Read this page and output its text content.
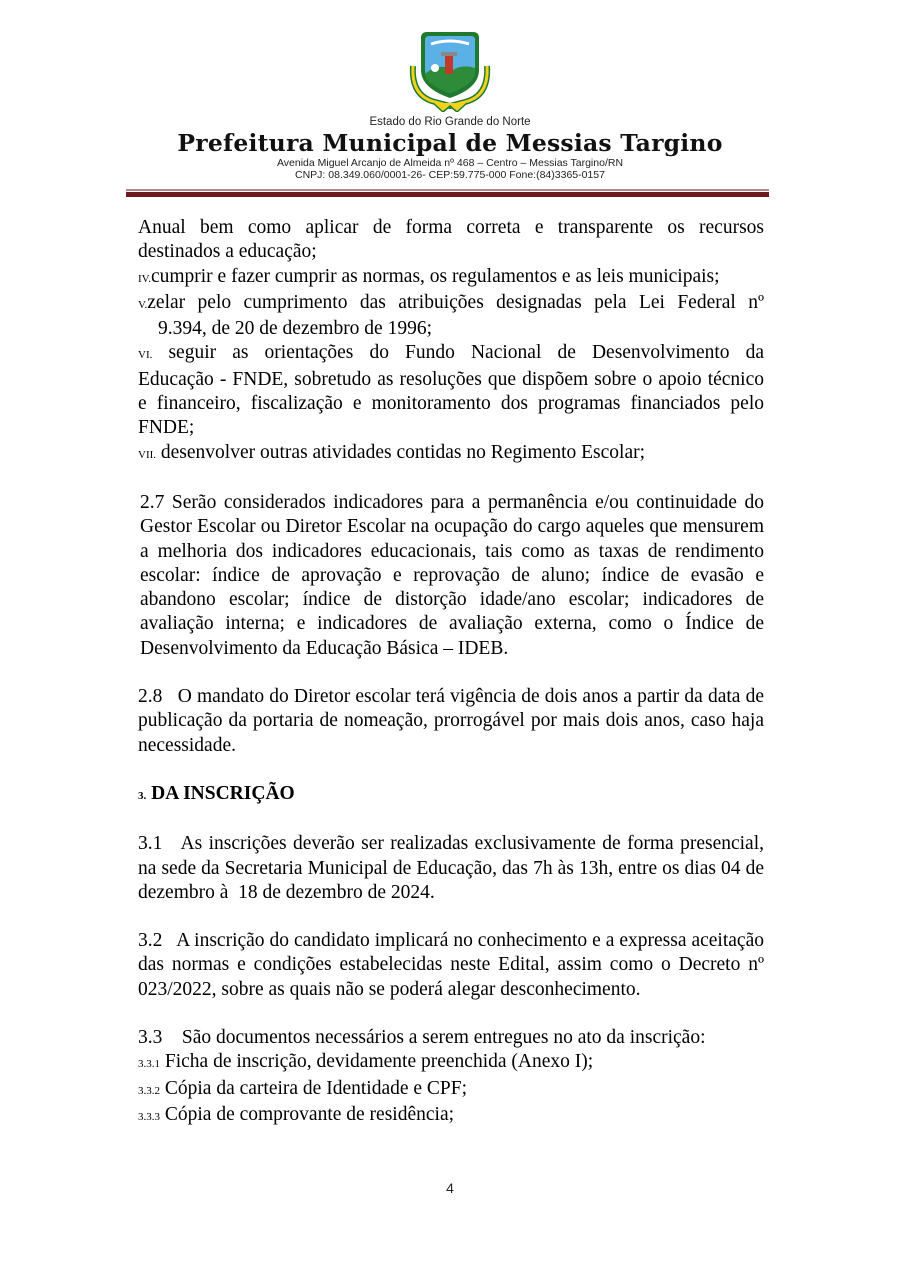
Estado do Rio Grande do Norte
Prefeitura Municipal de Messias Targino
Avenida Miguel Arcanjo de Almeida nº 468 – Centro – Messias Targino/RN
CNPJ: 08.349.060/0001-26- CEP:59.775-000 Fone:(84)3365-0157

Anual bem como aplicar de forma correta e transparente os recursos

destinados a educação;

IV.cumprir e fazer cumprir as normas, os regulamentos e as leis municipais;

V.zelar pelo cumprimento das atribuições designadas pela Lei Federal nº

9.394, de 20 de dezembro de 1996;

VI. seguir as orientações do Fundo Nacional de Desenvolvimento da

Educação - FNDE, sobretudo as resoluções que dispõem sobre o apoio técnico e financeiro, fiscalização e monitoramento dos programas financiados pelo FNDE;

VII. desenvolver outras atividades contidas no Regimento Escolar;

2.7 Serão considerados indicadores para a permanência e/ou continuidade do Gestor Escolar ou Diretor Escolar na ocupação do cargo aqueles que mensurem a melhoria dos indicadores educacionais, tais como as taxas de rendimento escolar: índice de aprovação e reprovação de aluno; índice de evasão e abandono escolar; índice de distorção idade/ano escolar; indicadores de avaliação interna; e indicadores de avaliação externa, como o Índice de Desenvolvimento da Educação Básica – IDEB.

2.8   O mandato do Diretor escolar terá vigência de dois anos a partir da data de publicação da portaria de nomeação, prorrogável por mais dois anos, caso haja necessidade.

3. DA INSCRIÇÃO

3.1   As inscrições deverão ser realizadas exclusivamente de forma presencial, na sede da Secretaria Municipal de Educação, das 7h às 13h, entre os dias 04 de dezembro à  18 de dezembro de 2024.

3.2   A inscrição do candidato implicará no conhecimento e a expressa aceitação das normas e condições estabelecidas neste Edital, assim como o Decreto nº 023/2022, sobre as quais não se poderá alegar desconhecimento.

3.3    São documentos necessários a serem entregues no ato da inscrição:

3.3.1 Ficha de inscrição, devidamente preenchida (Anexo I);

3.3.2 Cópia da carteira de Identidade e CPF;

3.3.3 Cópia de comprovante de residência;

4
